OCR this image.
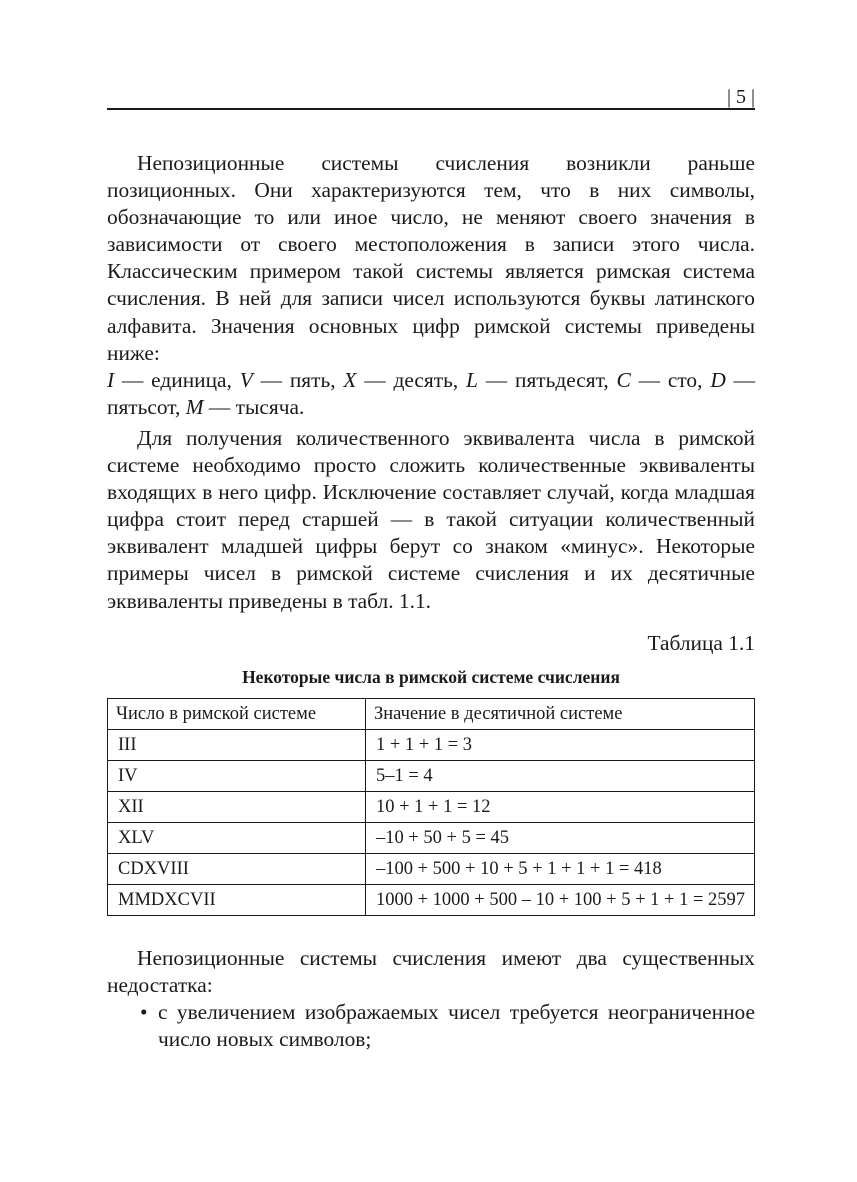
| 5 |

Непозиционные системы счисления возникли раньше позиционных. Они характеризуются тем, что в них символы, обозначающие то или иное число, не меняют своего значения в зависимости от своего местоположения в записи этого числа. Классическим примером такой системы является римская система счисления. В ней для записи чисел используются буквы латинского алфавита. Значения основных цифр римской системы приведены ниже:

I — единица, V — пять, X — десять, L — пятьдесят, C — сто, D — пятьсот, M — тысяча.

Для получения количественного эквивалента числа в римской системе необходимо просто сложить количественные эквиваленты входящих в него цифр. Исключение составляет случай, когда младшая цифра стоит перед старшей — в такой ситуации количественный эквивалент младшей цифры берут со знаком «минус». Некоторые примеры чисел в римской системе счисления и их десятичные эквиваленты приведены в табл. 1.1.

Таблица 1.1
Некоторые числа в римской системе счисления
Число в римской системе	Значение в десятичной системе
III	1 + 1 + 1 = 3
IV	5–1 = 4
XII	10 + 1 + 1 = 12
XLV	–10 + 50 + 5 = 45
CDXVIII	–100 + 500 + 10 + 5 + 1 + 1 + 1 = 418
MMDXCVII	1000 + 1000 + 500 – 10 + 100 + 5 + 1 + 1 = 2597

Непозиционные системы счисления имеют два существенных недостатка:

• с увеличением изображаемых чисел требуется неограниченное число новых символов;
